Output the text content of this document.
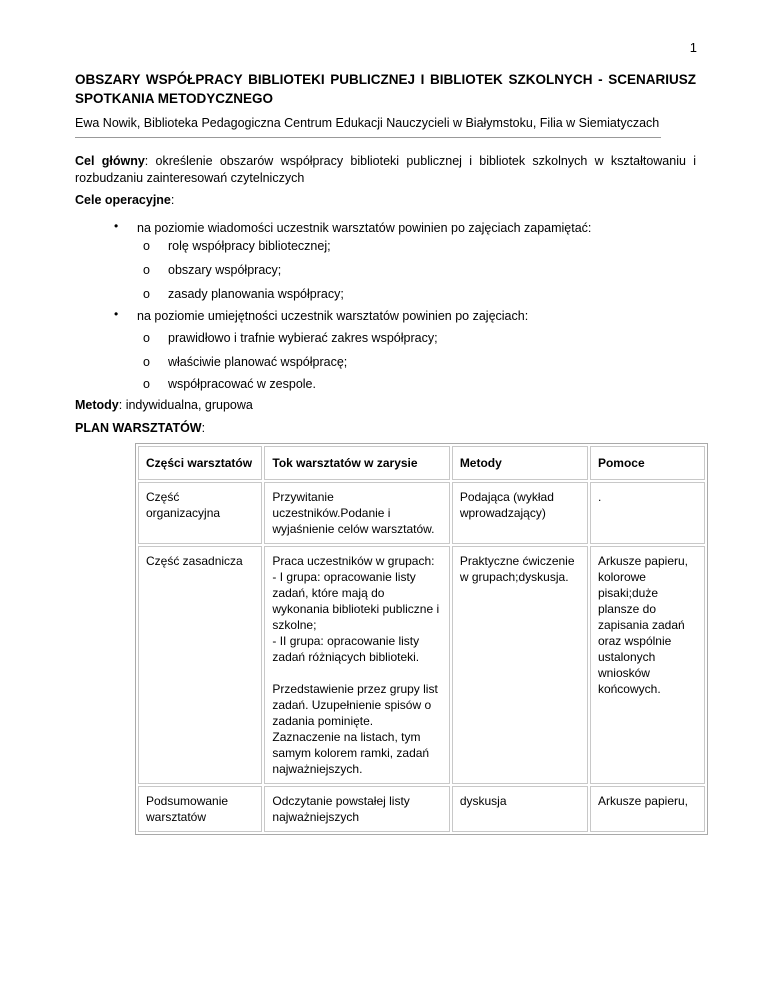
1
OBSZARY WSPÓŁPRACY BIBLIOTEKI PUBLICZNEJ I BIBLIOTEK SZKOLNYCH - SCENARIUSZ SPOTKANIA METODYCZNEGO
Ewa Nowik, Biblioteka Pedagogiczna Centrum Edukacji Nauczycieli w Białymstoku, Filia w Siemiatyczach
Cel główny: określenie obszarów współpracy biblioteki publicznej i bibliotek szkolnych w kształtowaniu i rozbudzaniu zainteresowań czytelniczych
Cele operacyjne:
• na poziomie wiadomości uczestnik warsztatów powinien po zajęciach zapamiętać:
o rolę współpracy bibliotecznej;
o obszary współpracy;
o zasady planowania współpracy;
• na poziomie umiejętności uczestnik warsztatów powinien po zajęciach:
o prawidłowo i trafnie wybierać zakres współpracy;
o właściwie planować współpracę;
o współpracować w zespole.
Metody: indywidualna, grupowa
PLAN WARSZTATÓW:
Części warsztatów	Tok warsztatów w zarysie	Metody	Pomoce
Część organizacyjna	Przywitanie uczestników.Podanie i wyjaśnienie celów warsztatów.	Podająca (wykład wprowadzający)	.
Część zasadnicza	Praca uczestników w grupach:
- I grupa: opracowanie listy zadań, które mają do wykonania biblioteki publiczne i szkolne;
- II grupa: opracowanie listy zadań różniących biblioteki.
Przedstawienie przez grupy list zadań. Uzupełnienie spisów o zadania pominięte. Zaznaczenie na listach, tym samym kolorem ramki, zadań najważniejszych.	Praktyczne ćwiczenie w grupach;dyskusja.	Arkusze papieru, kolorowe pisaki;duże plansze do zapisania zadań oraz wspólnie ustalonych wniosków końcowych.
Podsumowanie warsztatów	Odczytanie powstałej listy najważniejszych	dyskusja	Arkusze papieru,
